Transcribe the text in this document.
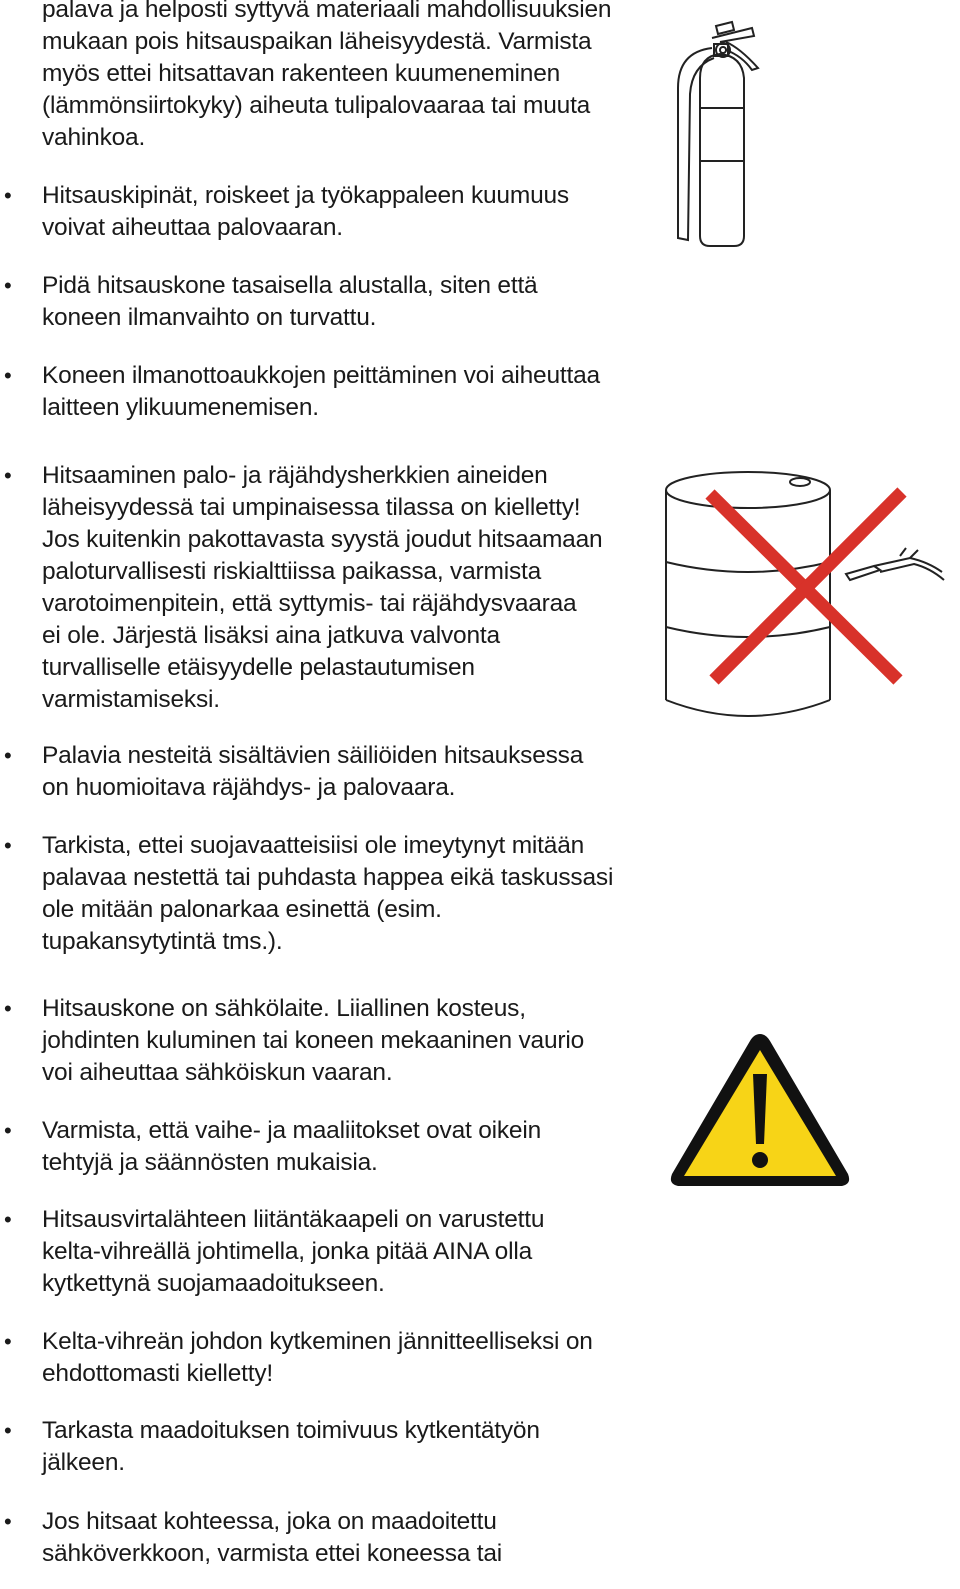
palava ja helposti syttyvä materiaali mahdollisuuksien
mukaan pois hitsauspaikan läheisyydestä. Varmista
myös ettei hitsattavan rakenteen kuumeneminen
(lämmönsiirtokyky) aiheuta tulipalovaaraa tai muuta
vahinkoa.
• Hitsauskipinät, roiskeet ja työkappaleen kuumuus
voivat aiheuttaa palovaaran.
• Pidä hitsauskone tasaisella alustalla, siten että
koneen ilmanvaihto on turvattu.
• Koneen ilmanottoaukkojen peittäminen voi aiheuttaa
laitteen ylikuumenemisen.
• Hitsaaminen palo- ja räjähdysherkkien aineiden
läheisyydessä tai umpinaisessa tilassa on kielletty!
Jos kuitenkin pakottavasta syystä joudut hitsaamaan
paloturvallisesti riskialttiissa paikassa, varmista
varotoimenpitein, että syttymis- tai räjähdysvaaraa
ei ole. Järjestä lisäksi aina jatkuva valvonta
turvalliselle etäisyydelle pelastautumisen
varmistamiseksi.
• Palavia nesteitä sisältävien säiliöiden hitsauksessa
on huomioitava räjähdys- ja palovaara.
• Tarkista, ettei suojavaatteisiisi ole imeytynyt mitään
palavaa nestettä tai puhdasta happea eikä taskussasi
ole mitään palonarkaa esinettä (esim.
tupakansytytintä tms.).
• Hitsauskone on sähkölaite. Liiallinen kosteus,
johdinten kuluminen tai koneen mekaaninen vaurio
voi aiheuttaa sähköiskun vaaran.
• Varmista, että vaihe- ja maaliitokset ovat oikein
tehtyjä ja säännösten mukaisia.
• Hitsausvirtalähteen liitäntäkaapeli on varustettu
kelta-vihreällä johtimella, jonka pitää AINA olla
kytkettynä suojamaadoitukseen.
• Kelta-vihreän johdon kytkeminen jännitteelliseksi on
ehdottomasti kielletty!
• Tarkasta maadoituksen toimivuus kytkentätyön
jälkeen.
• Jos hitsaat kohteessa, joka on maadoitettu
sähköverkkoon, varmista ettei koneessa tai
